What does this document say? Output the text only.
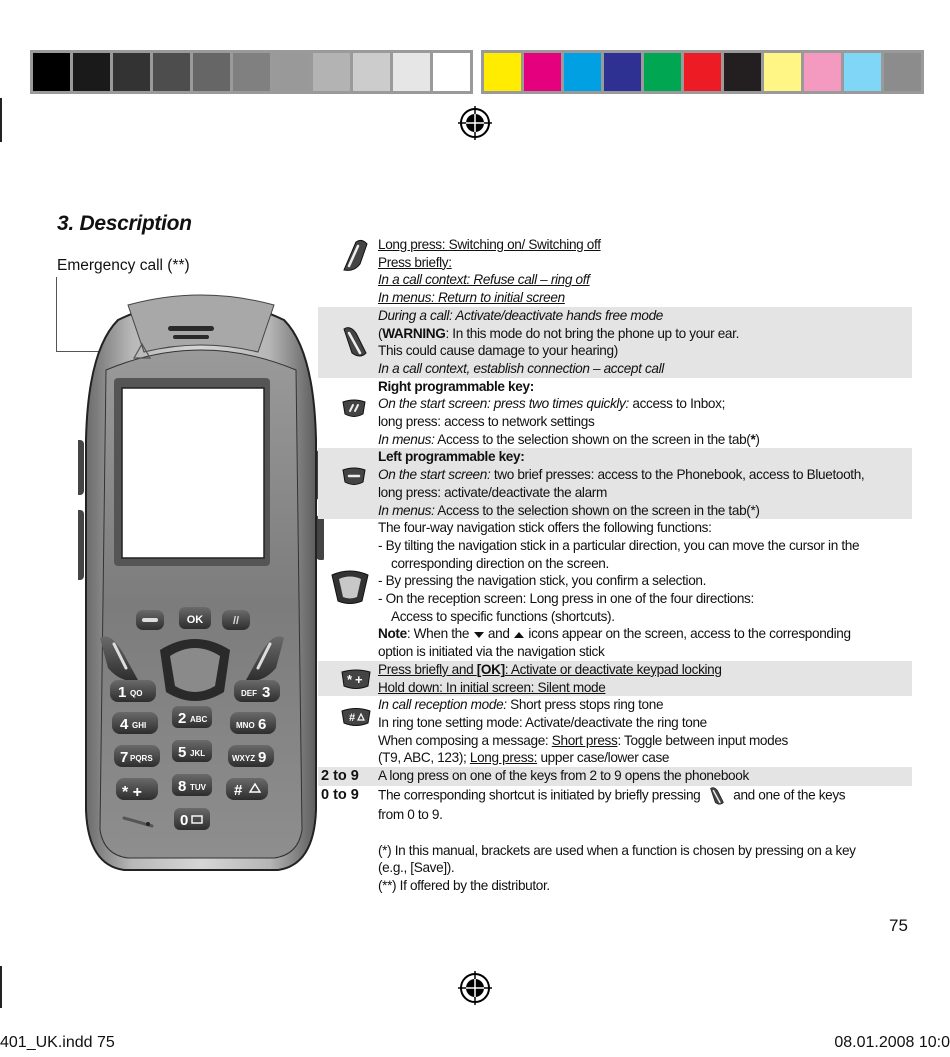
3. Description
Emergency call (**)
OK	//
1 QO
2 ABC
DEF 3
4 GHI
5 JKL
MNO 6
7 PQRS
8 TUV
WXYZ 9
* +
0
#
Long press: Switching on/ Switching off
Press briefly:
In a call context: Refuse call – ring off
In menus: Return to initial screen
During a call: Activate/deactivate hands free mode
(WARNING: In this mode do not bring the phone up to your ear.
This could cause damage to your hearing)
In a call context, establish connection – accept call
Right programmable key:
On the start screen: press two times quickly: access to Inbox;
long press: access to network settings
In menus: Access to the selection shown on the screen in the tab(*)
Left programmable key:
On the start screen: two brief presses: access to the Phonebook, access to Bluetooth,
long press: activate/deactivate the alarm
In menus: Access to the selection shown on the screen in the tab(*)
The four-way navigation stick offers the following functions:
- By tilting the navigation stick in a particular direction, you can move the cursor in the
corresponding direction on the screen.
- By pressing the navigation stick, you confirm a selection.
- On the reception screen: Long press in one of the four directions:
Access to specific functions (shortcuts).
Note: When the  and  icons appear on the screen, access to the corresponding
option is initiated via the navigation stick
* +
Press briefly and [OK]: Activate or deactivate keypad locking
Hold down: In initial screen: Silent mode
#
In call reception mode: Short press stops ring tone
In ring tone setting mode: Activate/deactivate the ring tone
When composing a message: Short press: Toggle between input modes
(T9, ABC, 123); Long press: upper case/lower case
2 to 9	A long press on one of the keys from 2 to 9 opens the phonebook
0 to 9	The corresponding shortcut is initiated by briefly pressing  and one of the keys
from 0 to 9.
(*) In this manual, brackets are used when a function is chosen by pressing on a key
(e.g., [Save]).
(**) If offered by the distributor.
75
401_UK.indd 75	08.01.2008 10:0
